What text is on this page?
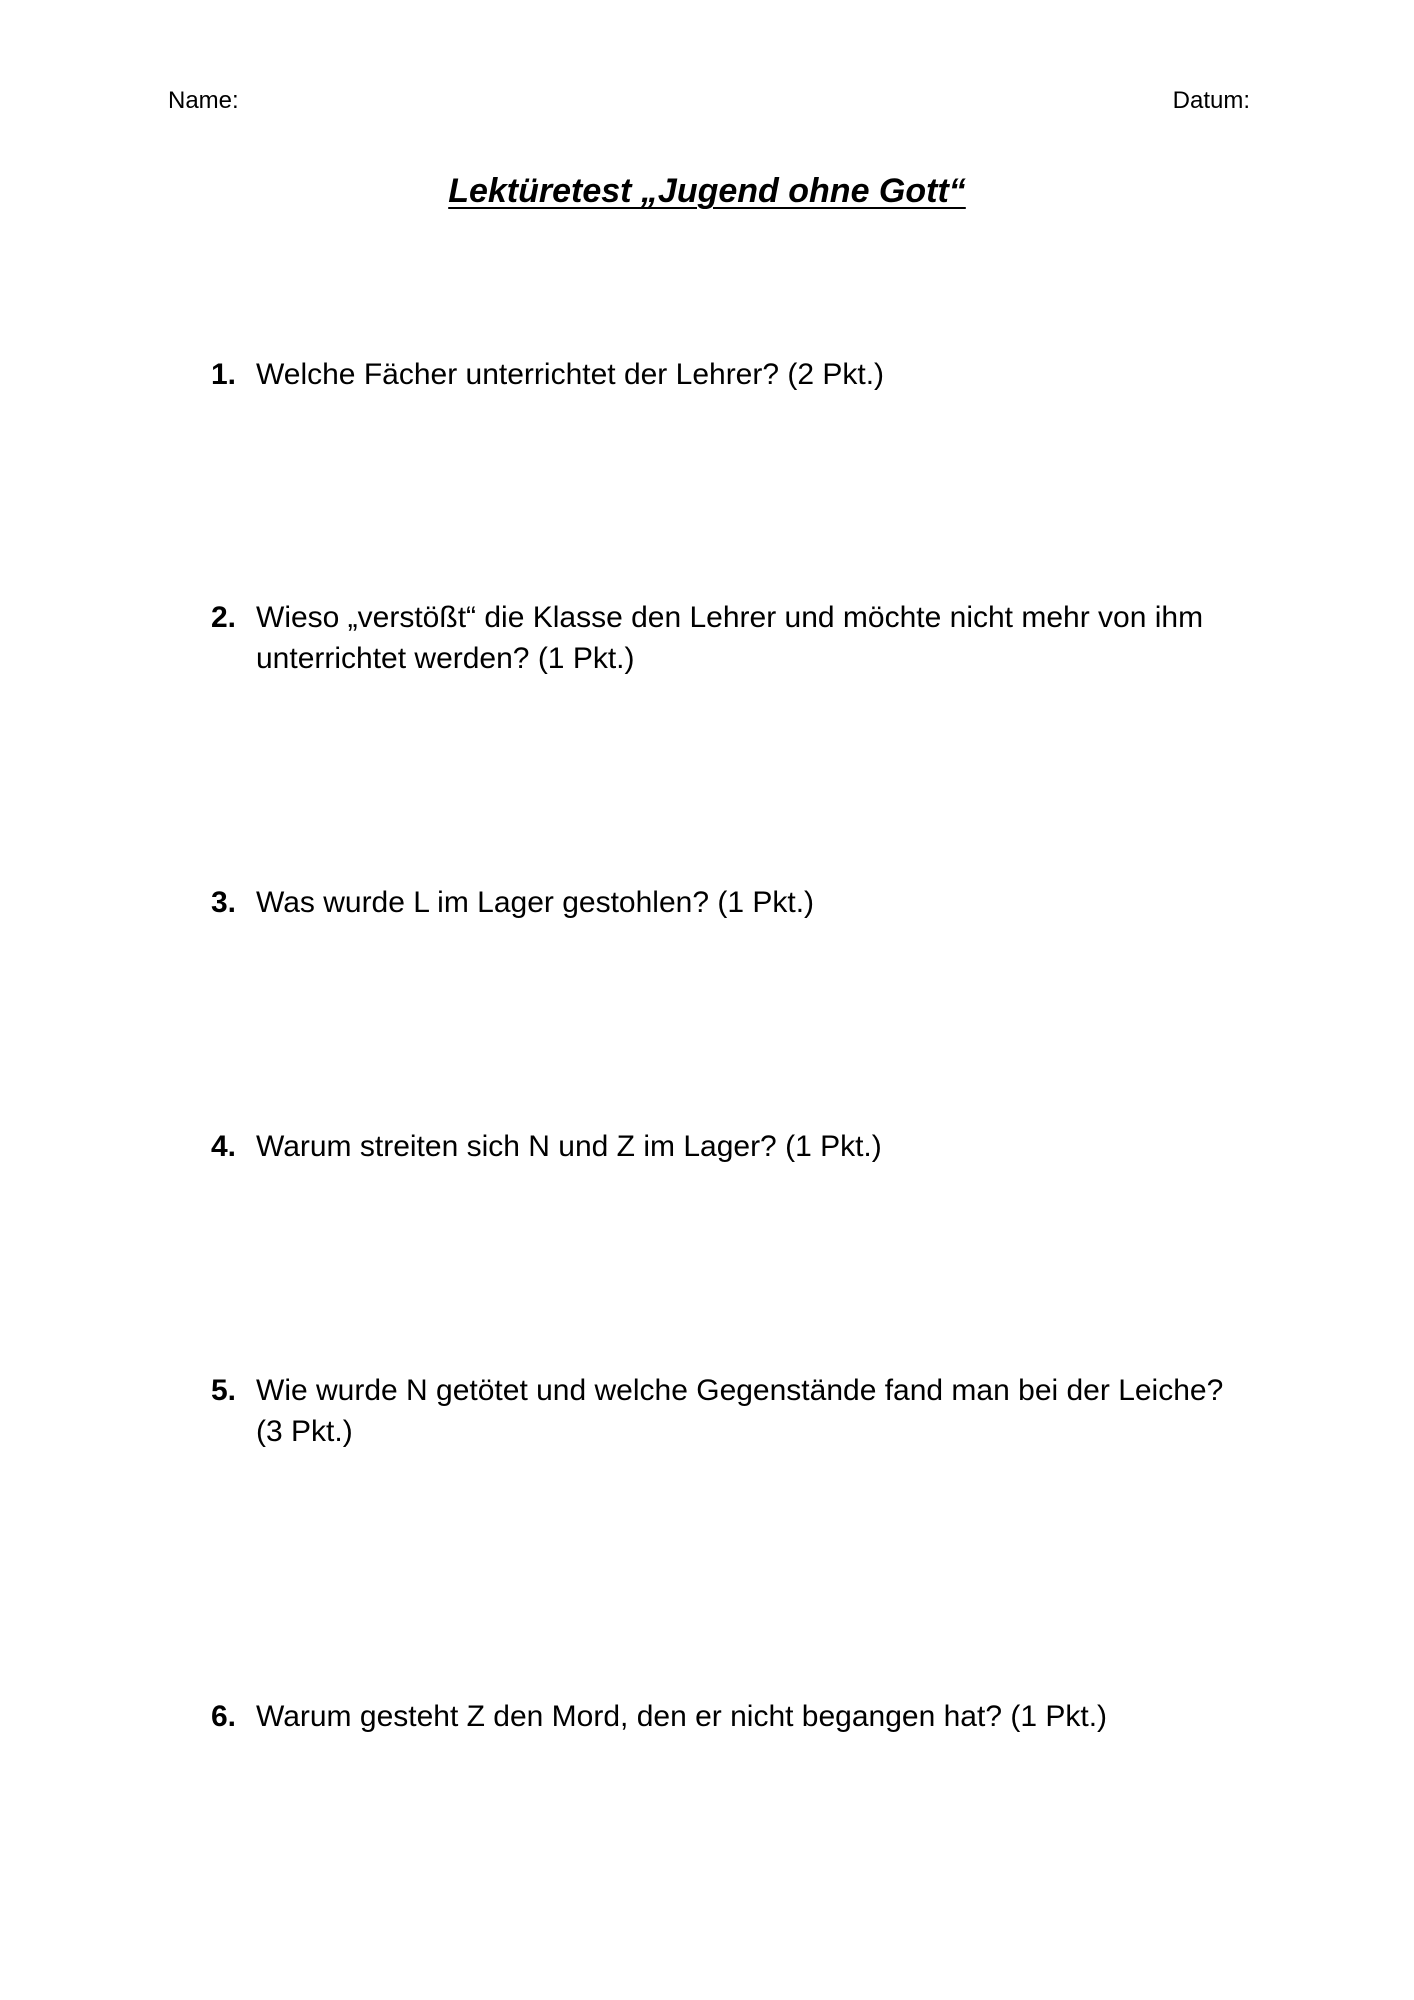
Name:	Datum:
Lektüretest „Jugend ohne Gott“
1. Welche Fächer unterrichtet der Lehrer? (2 Pkt.)
2. Wieso „verstößt“ die Klasse den Lehrer und möchte nicht mehr von ihm unterrichtet werden? (1 Pkt.)
3. Was wurde L im Lager gestohlen? (1 Pkt.)
4. Warum streiten sich N und Z im Lager? (1 Pkt.)
5. Wie wurde N getötet und welche Gegenstände fand man bei der Leiche? (3 Pkt.)
6. Warum gesteht Z den Mord, den er nicht begangen hat? (1 Pkt.)
